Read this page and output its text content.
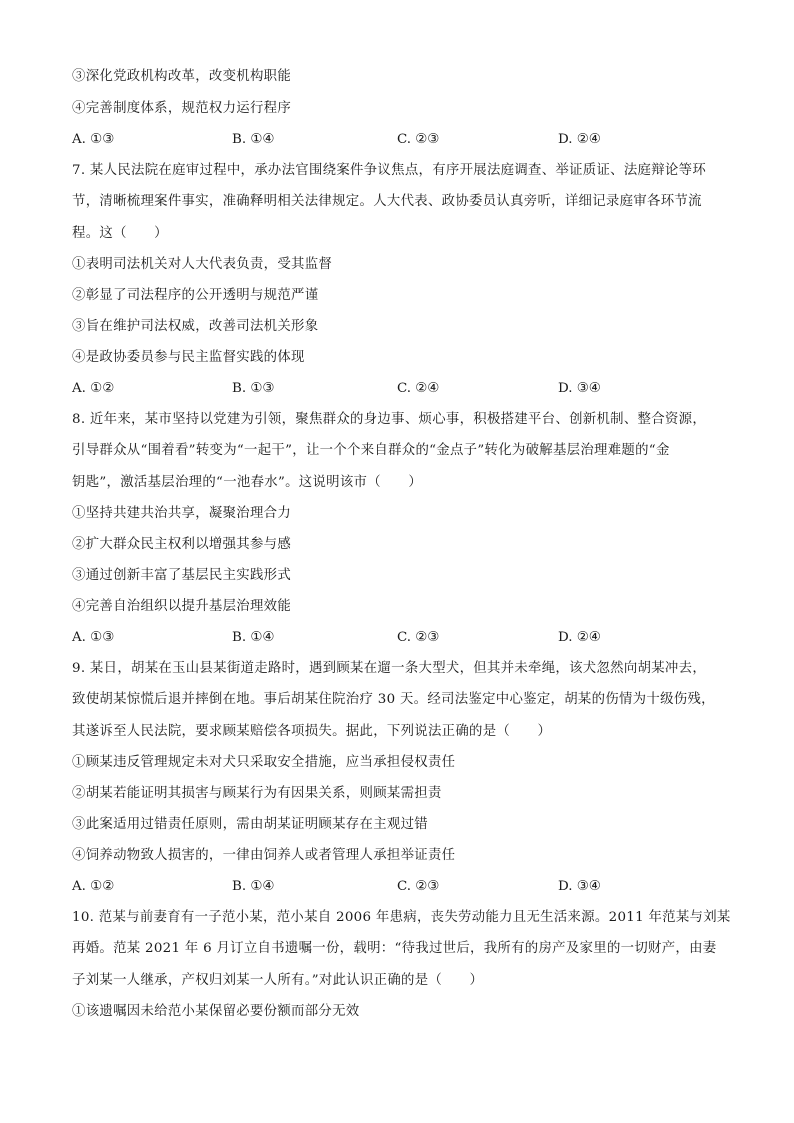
③深化党政机构改革，改变机构职能
④完善制度体系，规范权力运行程序
A. ①③	B. ①④	C. ②③	D. ②④
7. 某人民法院在庭审过程中，承办法官围绕案件争议焦点，有序开展法庭调查、举证质证、法庭辩论等环
节，清晰梳理案件事实，准确释明相关法律规定。人大代表、政协委员认真旁听，详细记录庭审各环节流
程。这（　　）
①表明司法机关对人大代表负责，受其监督
②彰显了司法程序的公开透明与规范严谨
③旨在维护司法权威，改善司法机关形象
④是政协委员参与民主监督实践的体现
A. ①②	B. ①③	C. ②④	D. ③④
8. 近年来，某市坚持以党建为引领，聚焦群众的身边事、烦心事，积极搭建平台、创新机制、整合资源，
引导群众从“围着看”转变为“一起干”，让一个个来自群众的“金点子”转化为破解基层治理难题的“金
钥匙”，激活基层治理的“一池春水”。这说明该市（　　）
①坚持共建共治共享，凝聚治理合力
②扩大群众民主权利以增强其参与感
③通过创新丰富了基层民主实践形式
④完善自治组织以提升基层治理效能
A. ①③	B. ①④	C. ②③	D. ②④
9. 某日，胡某在玉山县某街道走路时，遇到顾某在遛一条大型犬，但其并未牵绳，该犬忽然向胡某冲去，
致使胡某惊慌后退并摔倒在地。事后胡某住院治疗 30 天。经司法鉴定中心鉴定，胡某的伤情为十级伤残，
其遂诉至人民法院，要求顾某赔偿各项损失。据此，下列说法正确的是（　　）
①顾某违反管理规定未对犬只采取安全措施，应当承担侵权责任
②胡某若能证明其损害与顾某行为有因果关系，则顾某需担责
③此案适用过错责任原则，需由胡某证明顾某存在主观过错
④饲养动物致人损害的，一律由饲养人或者管理人承担举证责任
A. ①②	B. ①④	C. ②③	D. ③④
10. 范某与前妻育有一子范小某，范小某自 2006 年患病，丧失劳动能力且无生活来源。2011 年范某与刘某
再婚。范某 2021 年 6 月订立自书遗嘱一份，载明：“待我过世后，我所有的房产及家里的一切财产，由妻
子刘某一人继承，产权归刘某一人所有。”对此认识正确的是（　　）
①该遗嘱因未给范小某保留必要份额而部分无效
